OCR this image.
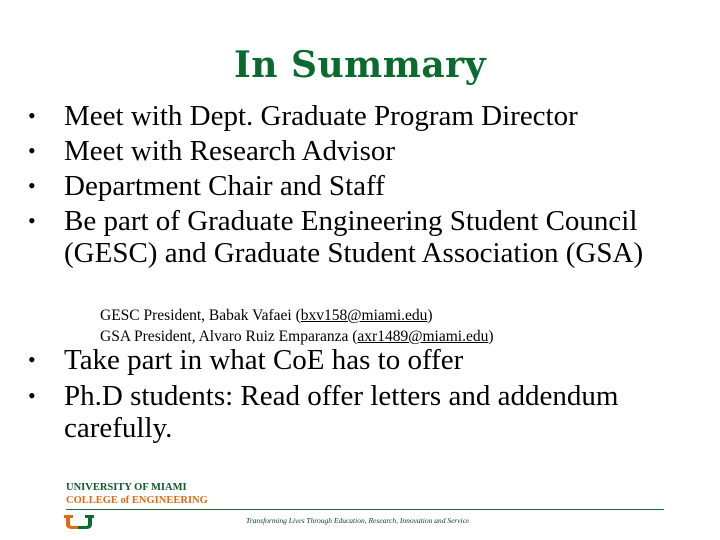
In Summary
• Meet with Dept. Graduate Program Director
• Meet with Research Advisor
• Department Chair and Staff
• Be part of Graduate Engineering Student Council (GESC) and Graduate Student Association (GSA)
GESC President, Babak Vafaei (bxv158@miami.edu)
GSA President, Alvaro Ruiz Emparanza (axr1489@miami.edu)
• Take part in what CoE has to offer
• Ph.D students: Read offer letters and addendum carefully.
UNIVERSITY OF MIAMI
COLLEGE of ENGINEERING
Transforming Lives Through Education, Research, Innovation and Service
